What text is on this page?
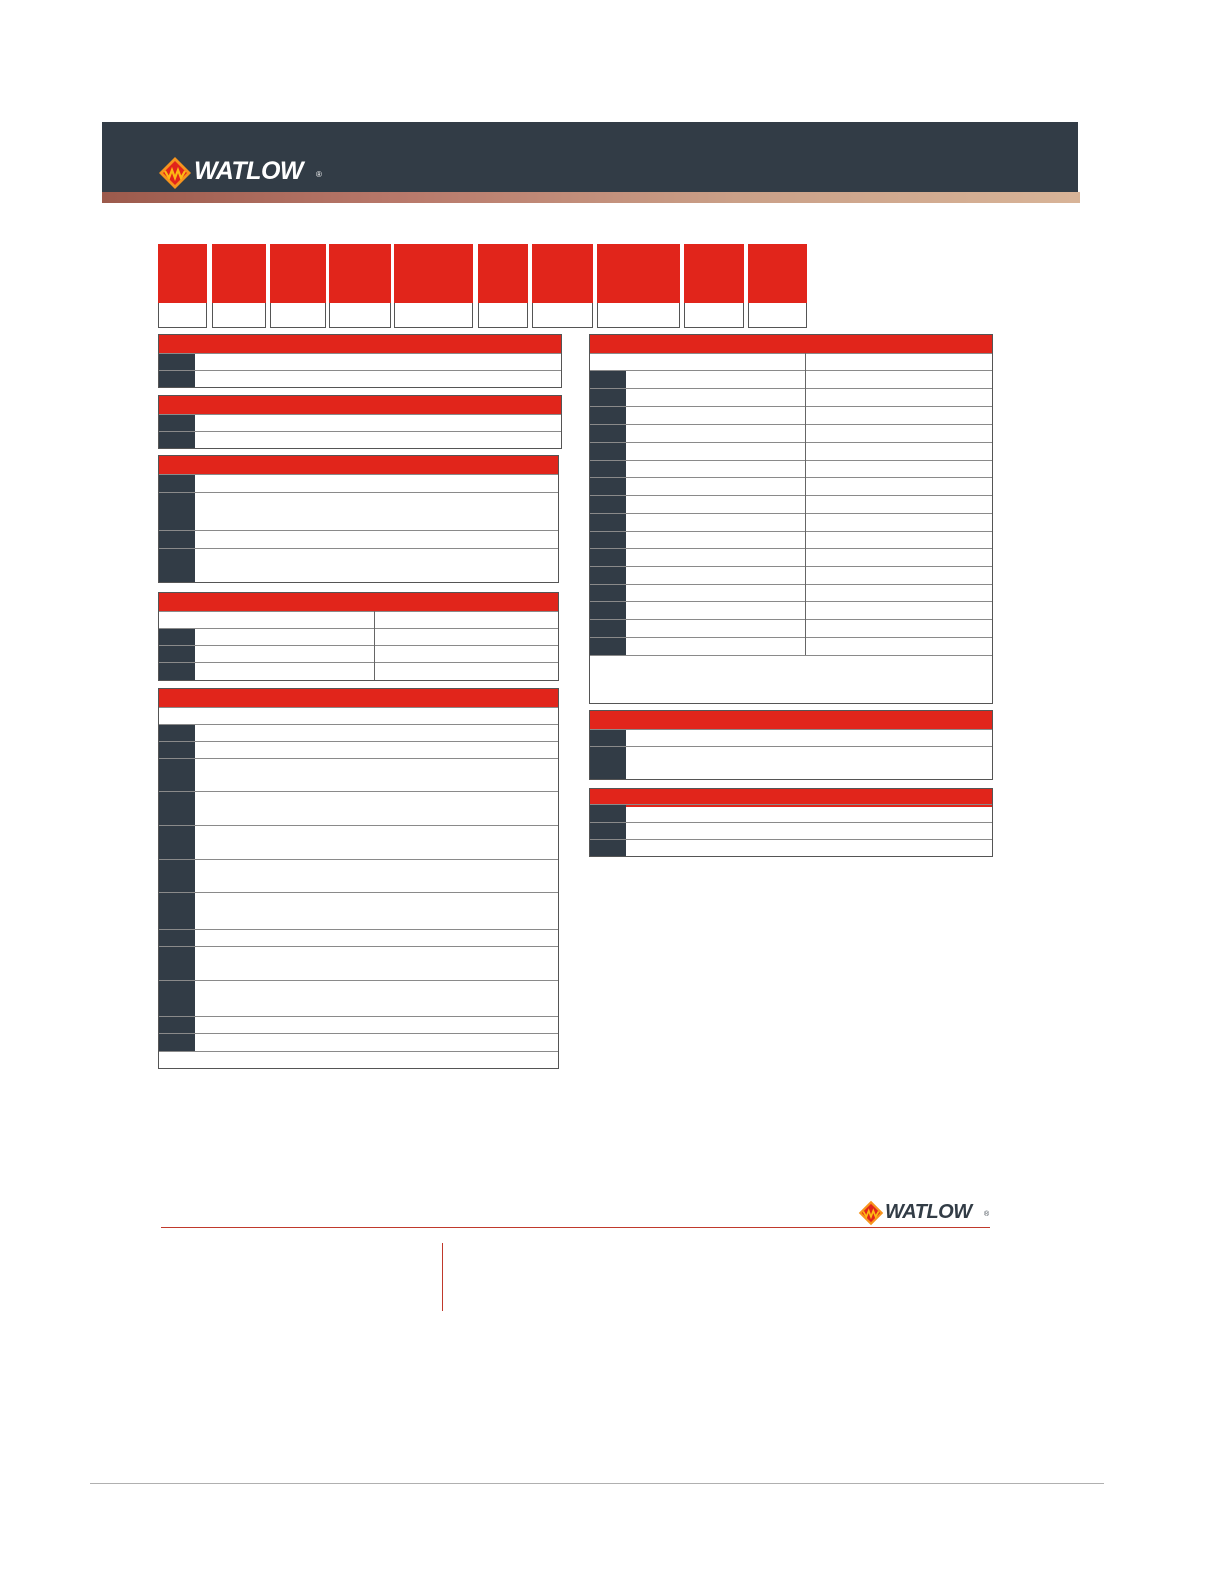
WATLOW ®
WATLOW ®
